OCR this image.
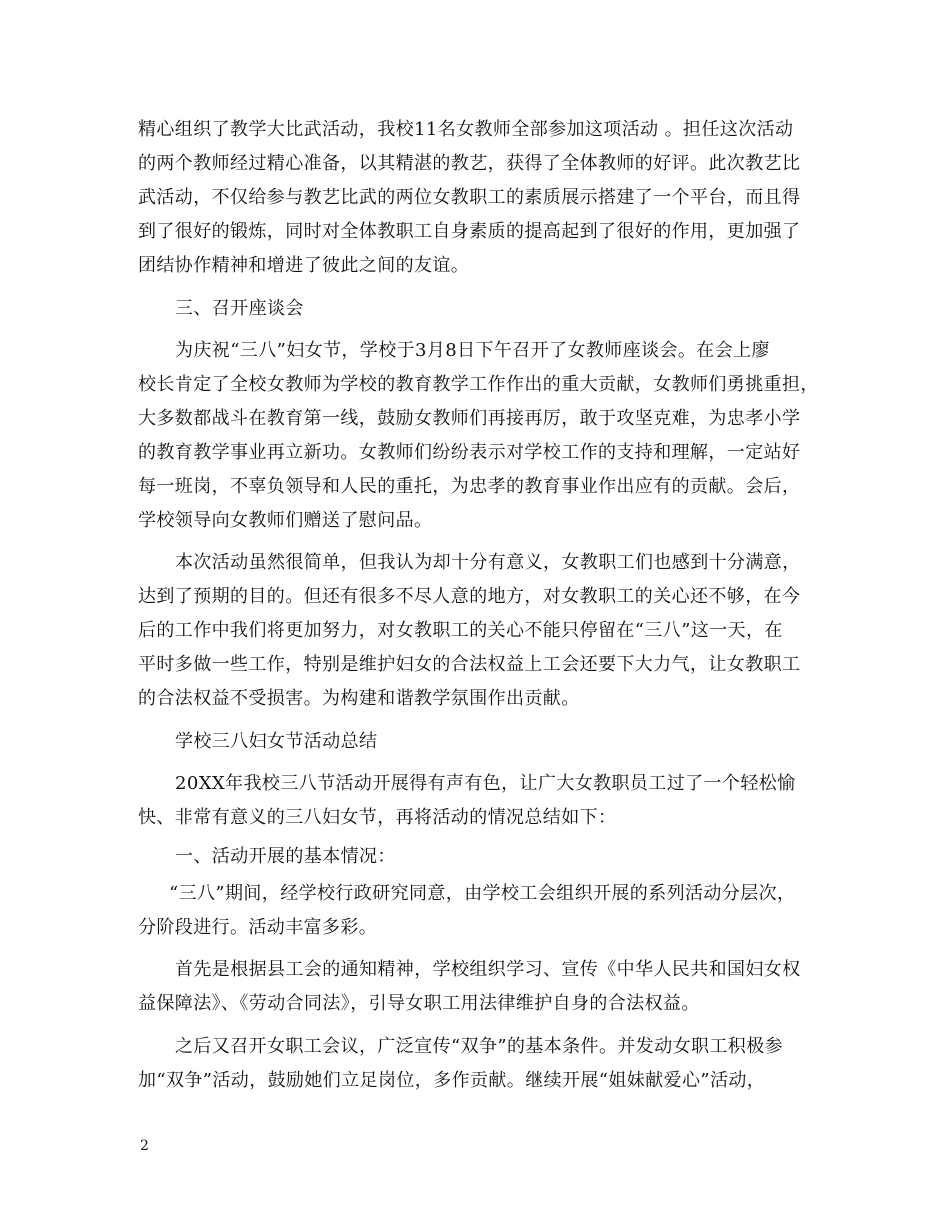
精心组织了教学大比武活动，我校11名女教师全部参加这项活动 。担任这次活动
的两个教师经过精心准备，以其精湛的教艺，获得了全体教师的好评。此次教艺比
武活动，不仅给参与教艺比武的两位女教职工的素质展示搭建了一个平台，而且得
到了很好的锻炼，同时对全体教职工自身素质的提高起到了很好的作用，更加强了
团结协作精神和增进了彼此之间的友谊。
三、召开座谈会
为庆祝“三八”妇女节，学校于3月8日下午召开了女教师座谈会。在会上廖
校长肯定了全校女教师为学校的教育教学工作作出的重大贡献，女教师们勇挑重担，
大多数都战斗在教育第一线，鼓励女教师们再接再厉，敢于攻坚克难，为忠孝小学
的教育教学事业再立新功。女教师们纷纷表示对学校工作的支持和理解，一定站好
每一班岗，不辜负领导和人民的重托，为忠孝的教育事业作出应有的贡献。会后，
学校领导向女教师们赠送了慰问品。
本次活动虽然很简单，但我认为却十分有意义，女教职工们也感到十分满意，
达到了预期的目的。但还有很多不尽人意的地方，对女教职工的关心还不够，在今
后的工作中我们将更加努力，对女教职工的关心不能只停留在“三八”这一天，在
平时多做一些工作，特别是维护妇女的合法权益上工会还要下大力气，让女教职工
的合法权益不受损害。为构建和谐教学氛围作出贡献。
学校三八妇女节活动总结
20XX年我校三八节活动开展得有声有色，让广大女教职员工过了一个轻松愉
快、非常有意义的三八妇女节，再将活动的情况总结如下：
一、活动开展的基本情况：
“三八”期间，经学校行政研究同意，由学校工会组织开展的系列活动分层次，
分阶段进行。活动丰富多彩。
首先是根据县工会的通知精神，学校组织学习、宣传《中华人民共和国妇女权
益保障法》、《劳动合同法》，引导女职工用法律维护自身的合法权益。
之后又召开女职工会议，广泛宣传“双争”的基本条件。并发动女职工积极参
加“双争”活动，鼓励她们立足岗位，多作贡献。继续开展“姐妹献爱心”活动，
2
